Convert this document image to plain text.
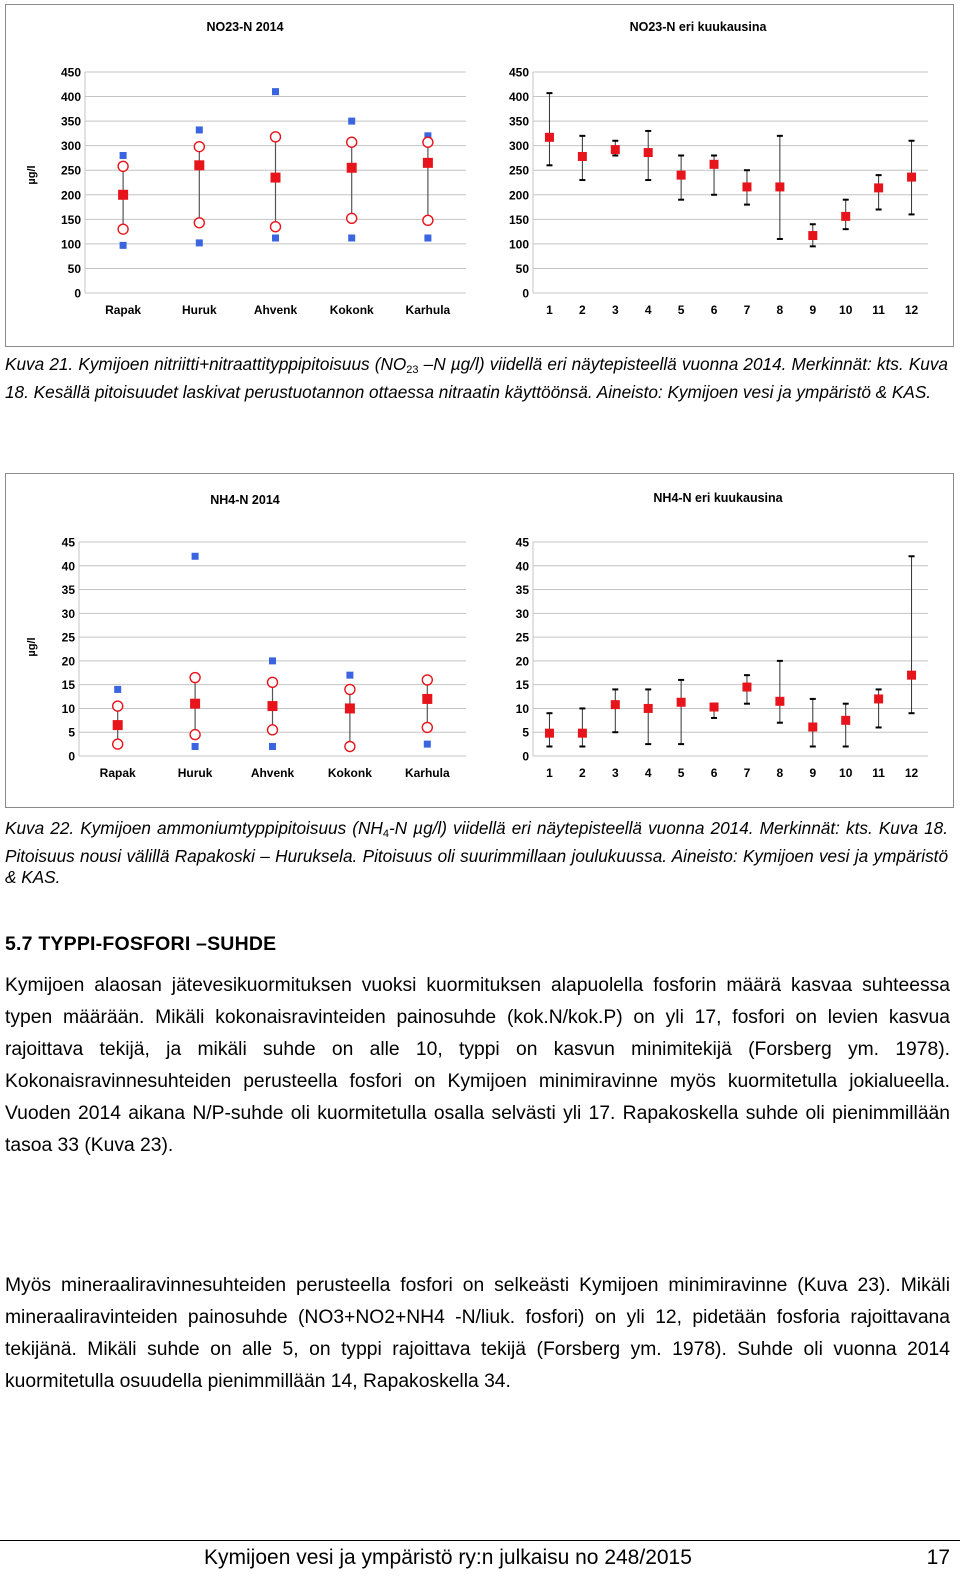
NO23-N 2014
µg/l
0
50
100
150
200
250
300
350
400
450
Rapak	Huruk	Ahvenk	Kokonk	Karhula
NO23-N eri kuukausina
0
50
100
150
200
250
300
350
400
450
1 2 3 4 5 6 7 8 9 10 11 12
Kuva 21. Kymijoen nitriitti+nitraattityppipitoisuus ($NO_{23}$ –N µg/l) viidellä eri näytepisteellä vuonna 2014. Merkinnät: kts. Kuva 18. Kesällä pitoisuudet laskivat perustuotannon ottaessa nitraatin käyttöönsä. Aineisto: Kymijoen vesi ja ympäristö & KAS.
NH4-N 2014
µg/l
0
5
10
15
20
25
30
35
40
45
Rapak	Huruk	Ahvenk	Kokonk	Karhula
NH4-N eri kuukausina
0
5
10
15
20
25
30
35
40
45
1 2 3 4 5 6 7 8 9 10 11 12
Kuva 22. Kymijoen ammoniumtyppipitoisuus ($NH_4-N$ µg/l) viidellä eri näytepisteellä vuonna 2014. Merkinnät: kts. Kuva 18. Pitoisuus nousi välillä Rapakoski – Huruksela. Pitoisuus oli suurimmillaan joulukuussa. Aineisto: Kymijoen vesi ja ympäristö & KAS.
5.7 TYPPI-FOSFORI –SUHDE
Kymijoen alaosan jätevesikuormituksen vuoksi kuormituksen alapuolella fosforin määrä kasvaa suhteessa typen määrään. Mikäli kokonaisravinteiden painosuhde (kok.N/kok.P) on yli 17, fosfori on levien kasvua rajoittava tekijä, ja mikäli suhde on alle 10, typpi on kasvun minimitekijä (Forsberg ym. 1978). Kokonaisravinnesuhteiden perusteella fosfori on Kymijoen minimiravinne myös kuormitetulla jokialueella. Vuoden 2014 aikana N/P-suhde oli kuormitetulla osalla selvästi yli 17. Rapakoskella suhde oli pienimmillään tasoa 33 (Kuva 23).
Myös mineraaliravinnesuhteiden perusteella fosfori on selkeästi Kymijoen minimiravinne (Kuva 23). Mikäli mineraaliravinteiden painosuhde (NO3+NO2+NH4 -N/liuk. fosfori) on yli 12, pidetään fosforia rajoittavana tekijänä. Mikäli suhde on alle 5, on typpi rajoittava tekijä (Forsberg ym. 1978). Suhde oli vuonna 2014 kuormitetulla osuudella pienimmillään 14, Rapakoskella 34.
Kymijoen vesi ja ympäristö ry:n julkaisu no 248/2015	17
